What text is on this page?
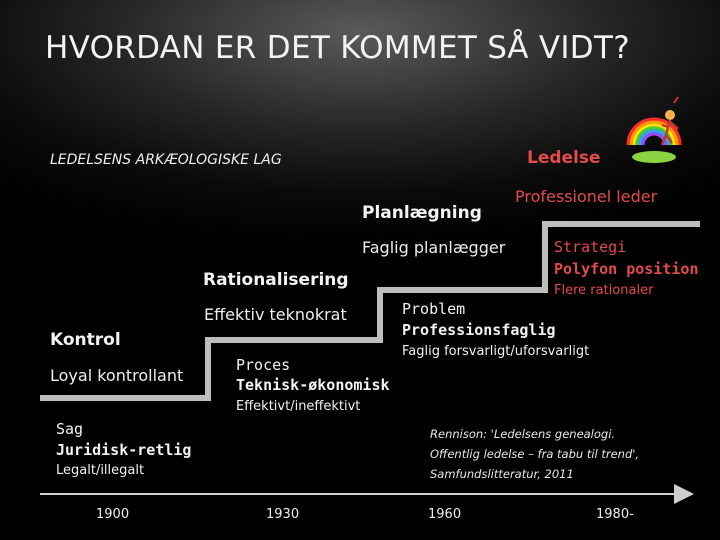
HVORDAN ER DET KOMMET SÅ VIDT?
LEDELSENS ARKÆOLOGISKE LAG	Ledelse
Planlægning
Rationalisering
Kontrol
Professionel leder
Faglig planlægger
Effektiv teknokrat
Loyal kontrollant
Strategi
Polyfon position
Flere rationaler
Problem
Professionsfaglig
Faglig forsvarligt/uforsvarligt
Proces
Teknisk-økonomisk
Effektivt/ineffektivt
Sag
Juridisk-retlig
Legalt/illegalt
Rennison: 'Ledelsens genealogi.
Offentlig ledelse – fra tabu til trend',
Samfundslitteratur, 2011
1900	1930	1960	1980-
